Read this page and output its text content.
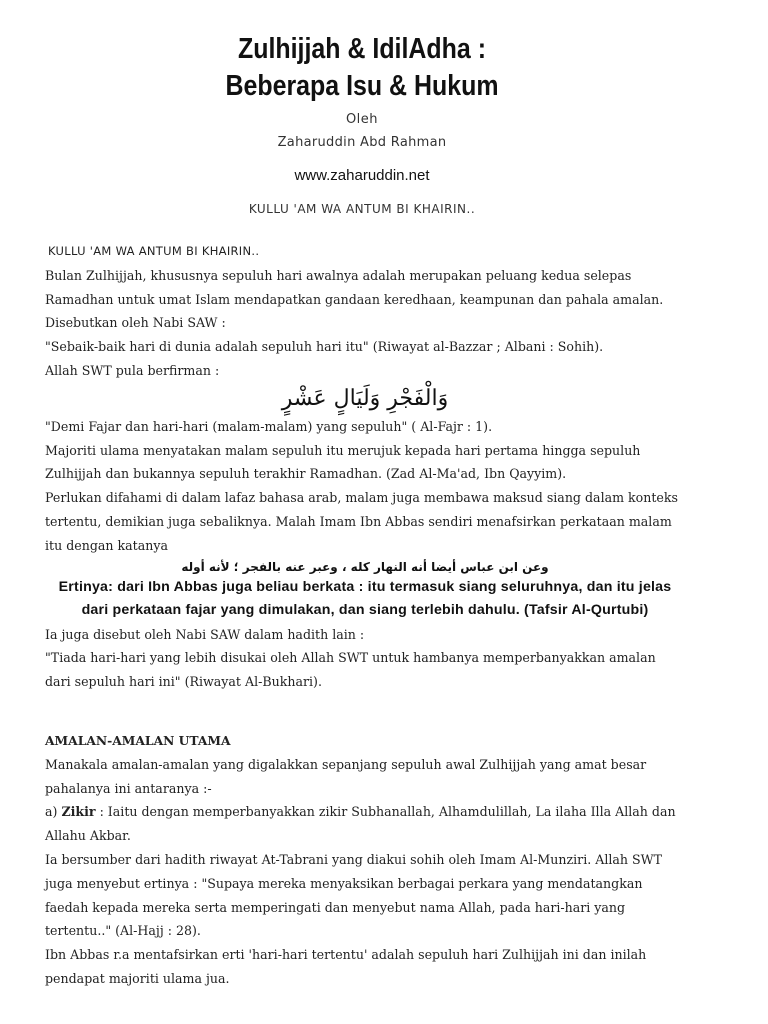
Zulhijjah & IdilAdha :
Beberapa Isu & Hukum
Oleh
Zaharuddin Abd Rahman
www.zaharuddin.net
KULLU 'AM WA ANTUM BI KHAIRIN..

KULLU 'AM WA ANTUM BI KHAIRIN..

Bulan Zulhijjah, khususnya sepuluh hari awalnya adalah merupakan peluang kedua selepas Ramadhan untuk umat Islam mendapatkan gandaan keredhaan, keampunan dan pahala amalan.

Disebutkan oleh Nabi SAW :

"Sebaik-baik hari di dunia adalah sepuluh hari itu" (Riwayat al-Bazzar ; Albani : Sohih).

Allah SWT pula berfirman :

وَالْفَجْرِ وَلَيَالٍ عَشْرٍ

"Demi Fajar dan hari-hari (malam-malam) yang sepuluh" ( Al-Fajr : 1).

Majoriti ulama menyatakan malam sepuluh itu merujuk kepada hari pertama hingga sepuluh Zulhijjah dan bukannya sepuluh terakhir Ramadhan. (Zad Al-Ma'ad, Ibn Qayyim).

Perlukan difahami di dalam lafaz bahasa arab, malam juga membawa maksud siang dalam konteks tertentu, demikian juga sebaliknya. Malah Imam Ibn Abbas sendiri menafsirkan perkataan malam itu dengan katanya

وعن ابن عباس أيضا أنه النهار كله ، وعبر عنه بالفجر ؛ لأنه أوله

Ertinya: dari Ibn Abbas juga beliau berkata : itu termasuk siang seluruhnya, dan itu jelas dari perkataan fajar yang dimulakan, dan siang terlebih dahulu. (Tafsir Al-Qurtubi)

Ia juga disebut oleh Nabi SAW dalam hadith lain :

"Tiada hari-hari yang lebih disukai oleh Allah SWT untuk hambanya memperbanyakkan amalan dari sepuluh hari ini" (Riwayat Al-Bukhari).

AMALAN-AMALAN UTAMA

Manakala amalan-amalan yang digalakkan sepanjang sepuluh awal Zulhijjah yang amat besar pahalanya ini antaranya :-

a) Zikir : Iaitu dengan memperbanyakkan zikir Subhanallah, Alhamdulillah, La ilaha Illa Allah dan Allahu Akbar.

Ia bersumber dari hadith riwayat At-Tabrani yang diakui sohih oleh Imam Al-Munziri. Allah SWT juga menyebut ertinya : "Supaya mereka menyaksikan berbagai perkara yang mendatangkan faedah kepada mereka serta memperingati dan menyebut nama Allah, pada hari-hari yang tertentu.." (Al-Hajj : 28).

Ibn Abbas r.a mentafsirkan erti 'hari-hari tertentu' adalah sepuluh hari Zulhijjah ini dan inilah pendapat majoriti ulama jua.
